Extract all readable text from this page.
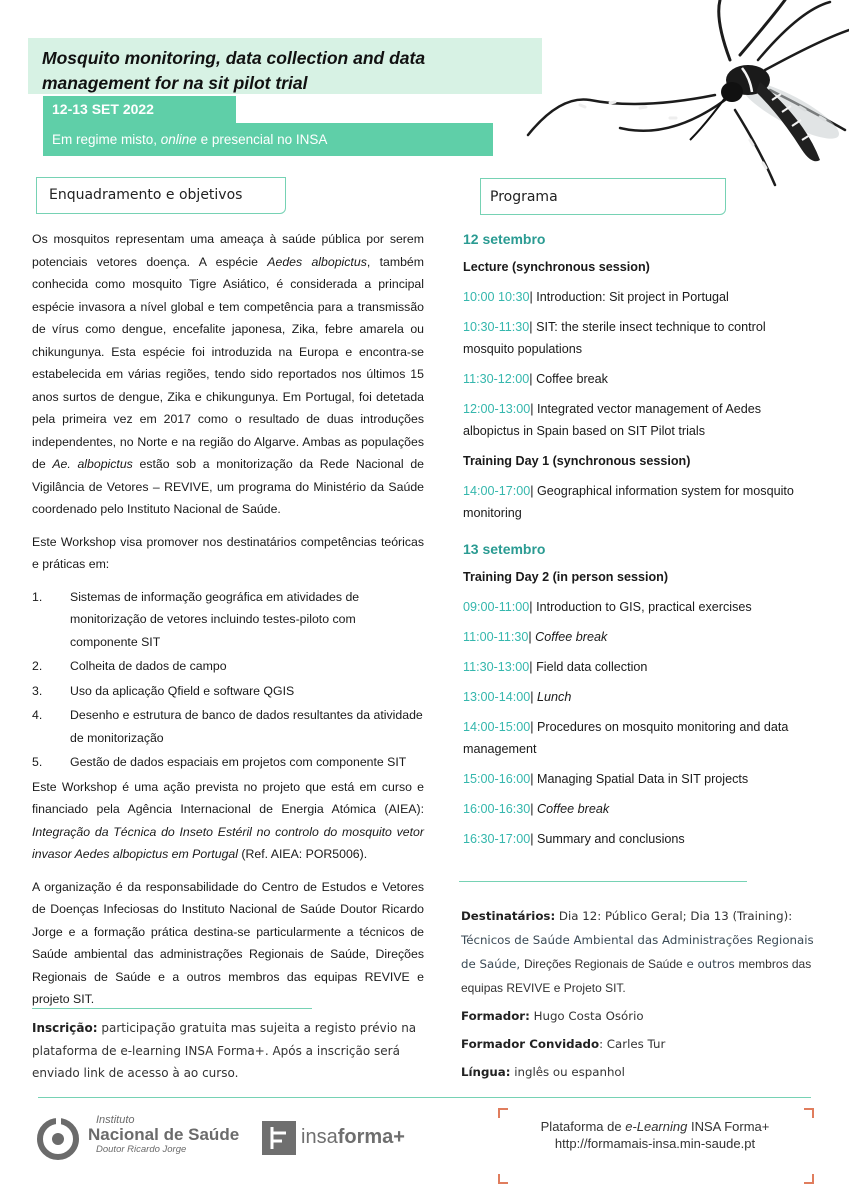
Mosquito monitoring, data collection and data management for na sit pilot trial
12-13 SET 2022
Em regime misto, online e presencial no INSA
Enquadramento e objetivos

Os mosquitos representam uma ameaça à saúde pública por serem potenciais vetores doença. A espécie Aedes albopictus, também conhecida como mosquito Tigre Asiático, é considerada a principal espécie invasora a nível global e tem competência para a transmissão de vírus como dengue, encefalite japonesa, Zika, febre amarela ou chikungunya. Esta espécie foi introduzida na Europa e encontra-se estabelecida em várias regiões, tendo sido reportados nos últimos 15 anos surtos de dengue, Zika e chikungunya. Em Portugal, foi detetada pela primeira vez em 2017 como o resultado de duas introduções independentes, no Norte e na região do Algarve. Ambas as populações de Ae. albopictus estão sob a monitorização da Rede Nacional de Vigilância de Vetores – REVIVE, um programa do Ministério da Saúde coordenado pelo Instituto Nacional de Saúde.

Este Workshop visa promover nos destinatários competências teóricas e práticas em:

1. Sistemas de informação geográfica em atividades de monitorização de vetores incluindo testes-piloto com componente SIT
2. Colheita de dados de campo
3. Uso da aplicação Qfield e software QGIS
4. Desenho e estrutura de banco de dados resultantes da atividade de monitorização
5. Gestão de dados espaciais em projetos com componente SIT

Este Workshop é uma ação prevista no projeto que está em curso e financiado pela Agência Internacional de Energia Atómica (AIEA): Integração da Técnica do Inseto Estéril no controlo do mosquito vetor invasor Aedes albopictus em Portugal (Ref. AIEA: POR5006).

A organização é da responsabilidade do Centro de Estudos e Vetores de Doenças Infeciosas do Instituto Nacional de Saúde Doutor Ricardo Jorge e a formação prática destina-se particularmente a técnicos de Saúde ambiental das administrações Regionais de Saúde, Direções Regionais de Saúde e a outros membros das equipas REVIVE e projeto SIT.

Inscrição: participação gratuita mas sujeita a registo prévio na plataforma de e-learning INSA Forma+. Após a inscrição será enviado link de acesso à ao curso.
Programa
12 setembro
Lecture (synchronous session)
10:00 10:30| Introduction: Sit project in Portugal
10:30-11:30| SIT: the sterile insect technique to control mosquito populations
11:30-12:00| Coffee break
12:00-13:00| Integrated vector management of Aedes albopictus in Spain based on SIT Pilot trials
Training Day 1 (synchronous session)
14:00-17:00| Geographical information system for mosquito monitoring
13 setembro
Training Day 2 (in person session)
09:00-11:00| Introduction to GIS, practical exercises
11:00-11:30| Coffee break
11:30-13:00| Field data collection
13:00-14:00| Lunch
14:00-15:00| Procedures on mosquito monitoring and data management
15:00-16:00| Managing Spatial Data in SIT projects
16:00-16:30| Coffee break
16:30-17:00| Summary and conclusions

Destinatários: Dia 12: Público Geral; Dia 13 (Training): Técnicos de Saúde Ambiental das Administrações Regionais de Saúde, Direções Regionais de Saúde e outros membros das equipas REVIVE e Projeto SIT.

Formador: Hugo Costa Osório

Formador Convidado: Carles Tur

Língua: inglês ou espanhol

Instituto
Nacional de Saúde
Doutor Ricardo Jorge
insaforma+	Plataforma de e-Learning INSA Forma+
http://formamais-insa.min-saude.pt
